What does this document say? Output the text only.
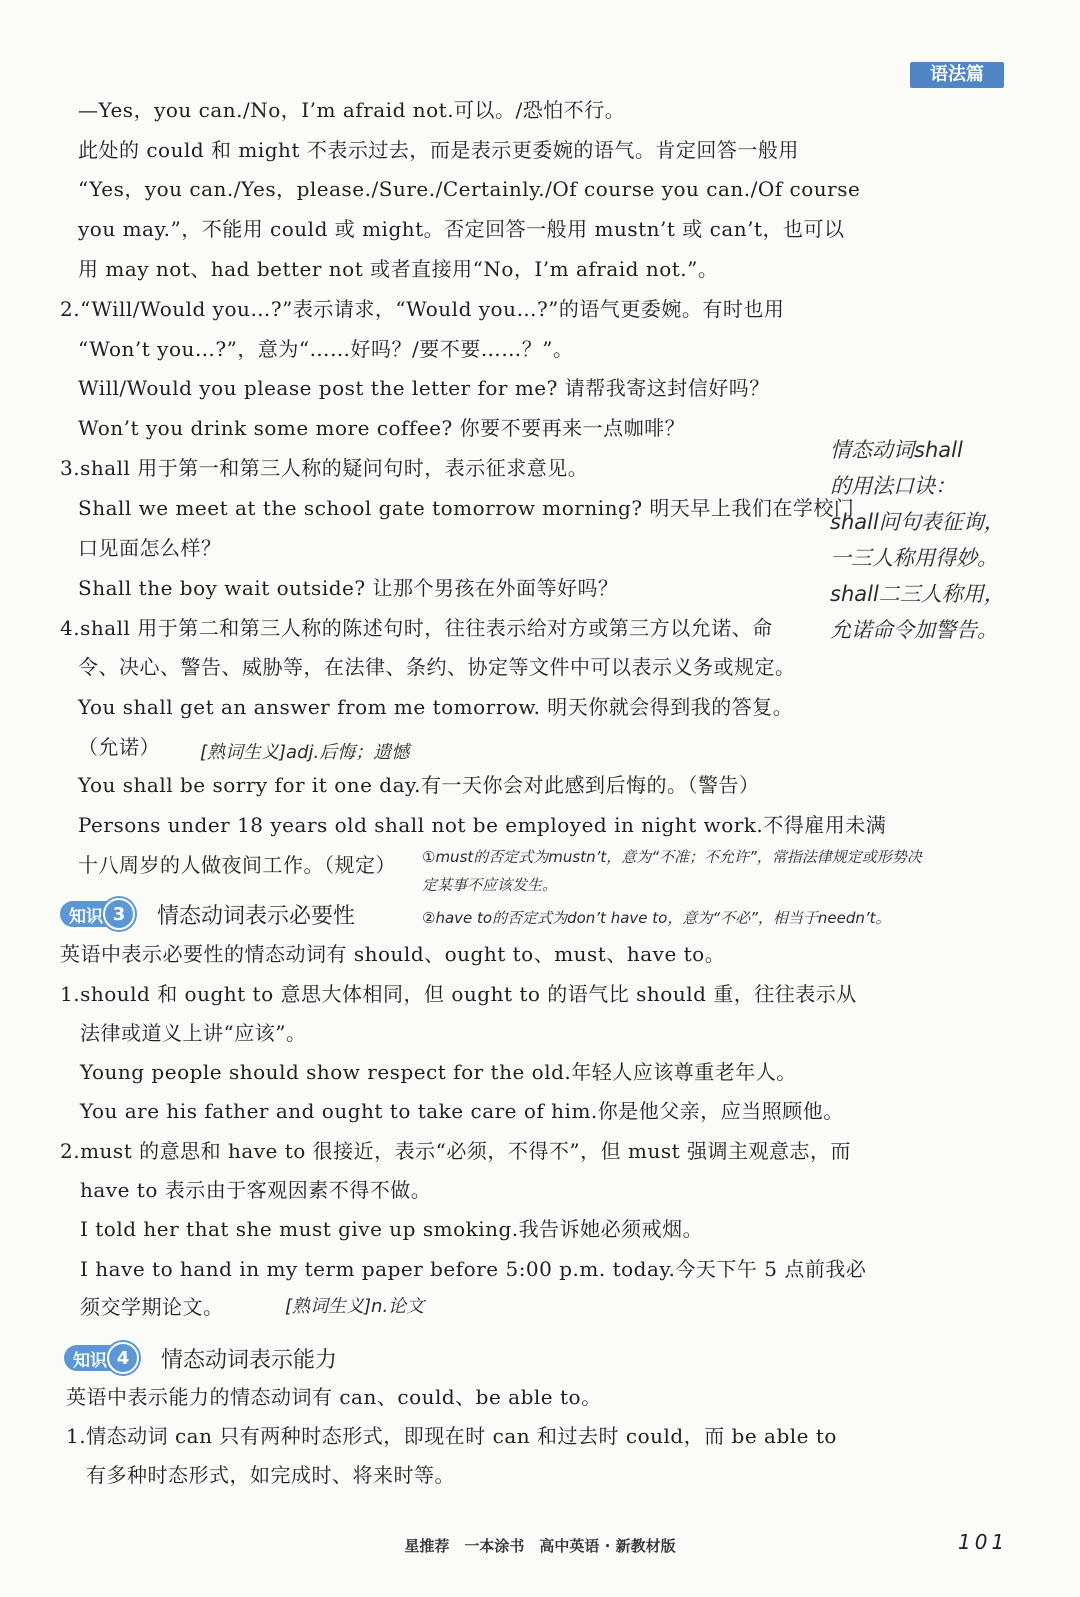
语法篇
—Yes，you can./No，I’m afraid not.可以。/恐怕不行。
此处的 could 和 might 不表示过去，而是表示更委婉的语气。肯定回答一般用
“Yes，you can./Yes，please./Sure./Certainly./Of course you can./Of course
you may.”，不能用 could 或 might。否定回答一般用 mustn’t 或 can’t，也可以
用 may not、had better not 或者直接用“No，I’m afraid not.”。
2.“Will/Would you…?”表示请求，“Would you…?”的语气更委婉。有时也用
“Won’t you…?”，意为“……好吗？/要不要……？”。
Will/Would you please post the letter for me? 请帮我寄这封信好吗？
Won’t you drink some more coffee? 你要不要再来一点咖啡？
3.shall 用于第一和第三人称的疑问句时，表示征求意见。
Shall we meet at the school gate tomorrow morning? 明天早上我们在学校门
口见面怎么样？
Shall the boy wait outside? 让那个男孩在外面等好吗？
4.shall 用于第二和第三人称的陈述句时，往往表示给对方或第三方以允诺、命
令、决心、警告、威胁等，在法律、条约、协定等文件中可以表示义务或规定。
You shall get an answer from me tomorrow. 明天你就会得到我的答复。
（允诺）
You shall be sorry for it one day.有一天你会对此感到后悔的。（警告）
Persons under 18 years old shall not be employed in night work.不得雇用未满
十八周岁的人做夜间工作。（规定）
知识 3	情态动词表示必要性
英语中表示必要性的情态动词有 should、ought to、must、have to。
1.should 和 ought to 意思大体相同，但 ought to 的语气比 should 重，往往表示从
法律或道义上讲“应该”。
Young people should show respect for the old.年轻人应该尊重老年人。
You are his father and ought to take care of him.你是他父亲，应当照顾他。
2.must 的意思和 have to 很接近，表示“必须，不得不”，但 must 强调主观意志，而
have to 表示由于客观因素不得不做。
I told her that she must give up smoking.我告诉她必须戒烟。
I have to hand in my term paper before 5:00 p.m. today.今天下午 5 点前我必
须交学期论文。
知识 4	情态动词表示能力
英语中表示能力的情态动词有 can、could、be able to。
1.情态动词 can 只有两种时态形式，即现在时 can 和过去时 could，而 be able to
有多种时态形式，如完成时、将来时等。
情态动词shall
的用法口诀：
shall问句表征询，
一三人称用得妙。
shall二三人称用，
允诺命令加警告。
[熟词生义]adj.后悔；遗憾
①must的否定式为mustn’t，意为“不准；不允许”，常指法律规定或形势决
定某事不应该发生。
②have to的否定式为don’t have to，意为“不必”，相当于needn’t。
[熟词生义]n.论文
星推荐　一本涂书　高中英语 · 新教材版	101
